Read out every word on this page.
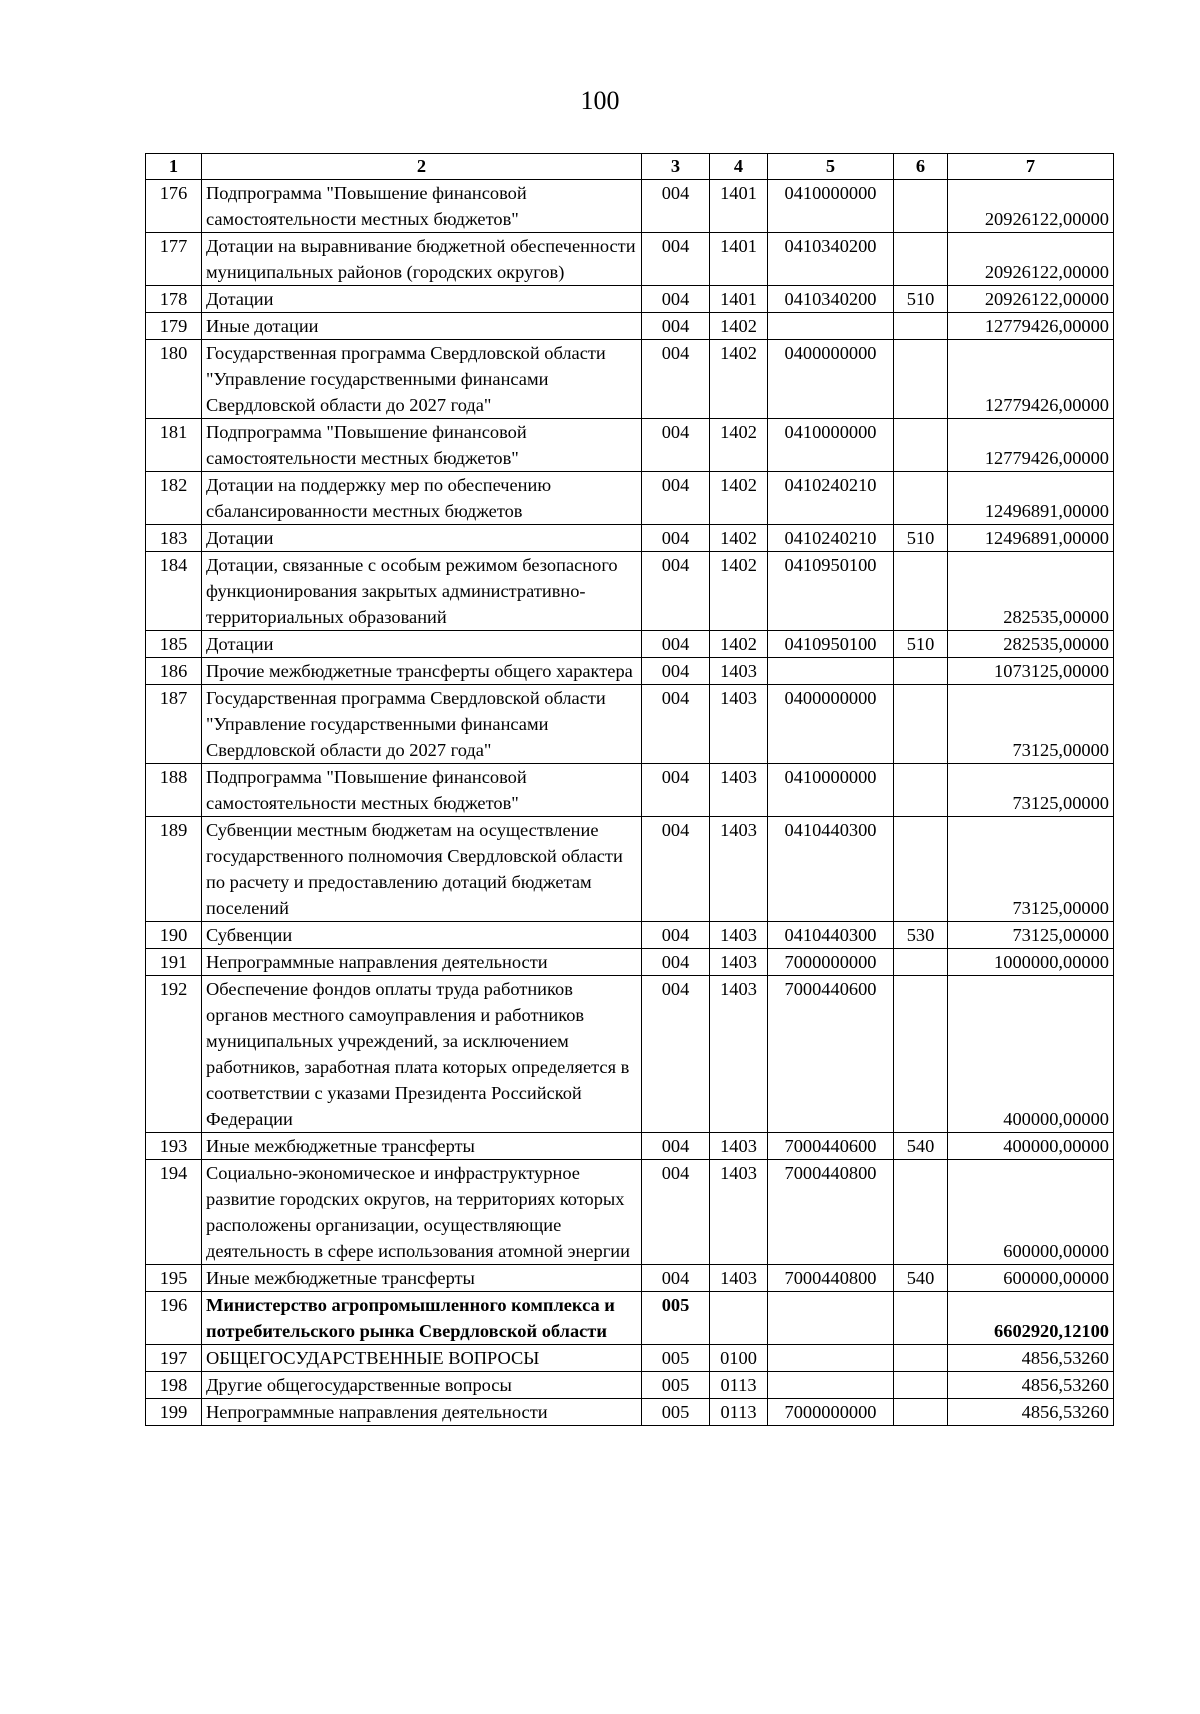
100
1	2	3	4	5	6	7
176	Подпрограмма "Повышение финансовой самостоятельности местных бюджетов"	004	1401	0410000000		20926122,00000
177	Дотации на выравнивание бюджетной обеспеченности муниципальных районов (городских округов)	004	1401	0410340200		20926122,00000
178	Дотации	004	1401	0410340200	510	20926122,00000
179	Иные дотации	004	1402			12779426,00000
180	Государственная программа Свердловской области "Управление государственными финансами Свердловской области до 2027 года"	004	1402	0400000000		12779426,00000
181	Подпрограмма "Повышение финансовой самостоятельности местных бюджетов"	004	1402	0410000000		12779426,00000
182	Дотации на поддержку мер по обеспечению сбалансированности местных бюджетов	004	1402	0410240210		12496891,00000
183	Дотации	004	1402	0410240210	510	12496891,00000
184	Дотации, связанные с особым режимом безопасного функционирования закрытых административно-территориальных образований	004	1402	0410950100		282535,00000
185	Дотации	004	1402	0410950100	510	282535,00000
186	Прочие межбюджетные трансферты общего характера	004	1403			1073125,00000
187	Государственная программа Свердловской области "Управление государственными финансами Свердловской области до 2027 года"	004	1403	0400000000		73125,00000
188	Подпрограмма "Повышение финансовой самостоятельности местных бюджетов"	004	1403	0410000000		73125,00000
189	Субвенции местным бюджетам на осуществление государственного полномочия Свердловской области по расчету и предоставлению дотаций бюджетам поселений	004	1403	0410440300		73125,00000
190	Субвенции	004	1403	0410440300	530	73125,00000
191	Непрограммные направления деятельности	004	1403	7000000000		1000000,00000
192	Обеспечение фондов оплаты труда работников органов местного самоуправления и работников муниципальных учреждений, за исключением работников, заработная плата которых определяется в соответствии с указами Президента Российской Федерации	004	1403	7000440600		400000,00000
193	Иные межбюджетные трансферты	004	1403	7000440600	540	400000,00000
194	Социально-экономическое и инфраструктурное развитие городских округов, на территориях которых расположены организации, осуществляющие деятельность в сфере использования атомной энергии	004	1403	7000440800		600000,00000
195	Иные межбюджетные трансферты	004	1403	7000440800	540	600000,00000
196	Министерство агропромышленного комплекса и потребительского рынка Свердловской области	005				6602920,12100
197	ОБЩЕГОСУДАРСТВЕННЫЕ ВОПРОСЫ	005	0100			4856,53260
198	Другие общегосударственные вопросы	005	0113			4856,53260
199	Непрограммные направления деятельности	005	0113	7000000000		4856,53260
